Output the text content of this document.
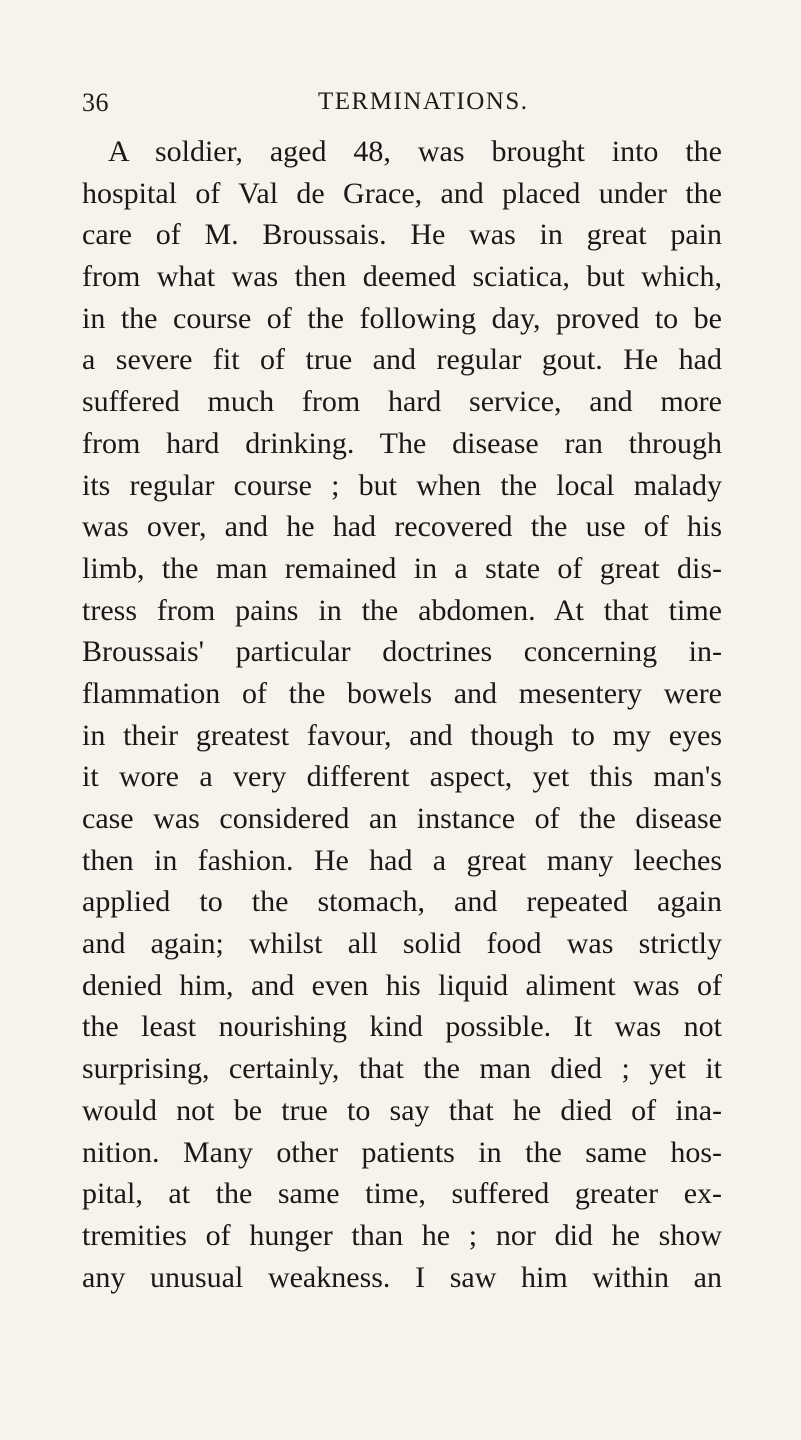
36	TERMINATIONS.
A soldier, aged 48, was brought into the
hospital of Val de Grace, and placed under the
care of M. Broussais. He was in great pain
from what was then deemed sciatica, but which,
in the course of the following day, proved to be
a severe fit of true and regular gout. He had
suffered much from hard service, and more
from hard drinking. The disease ran through
its regular course ; but when the local malady
was over, and he had recovered the use of his
limb, the man remained in a state of great dis-
tress from pains in the abdomen. At that time
Broussais' particular doctrines concerning in-
flammation of the bowels and mesentery were
in their greatest favour, and though to my eyes
it wore a very different aspect, yet this man's
case was considered an instance of the disease
then in fashion. He had a great many leeches
applied to the stomach, and repeated again
and again; whilst all solid food was strictly
denied him, and even his liquid aliment was of
the least nourishing kind possible. It was not
surprising, certainly, that the man died ; yet it
would not be true to say that he died of ina-
nition. Many other patients in the same hos-
pital, at the same time, suffered greater ex-
tremities of hunger than he ; nor did he show
any unusual weakness. I saw him within an
